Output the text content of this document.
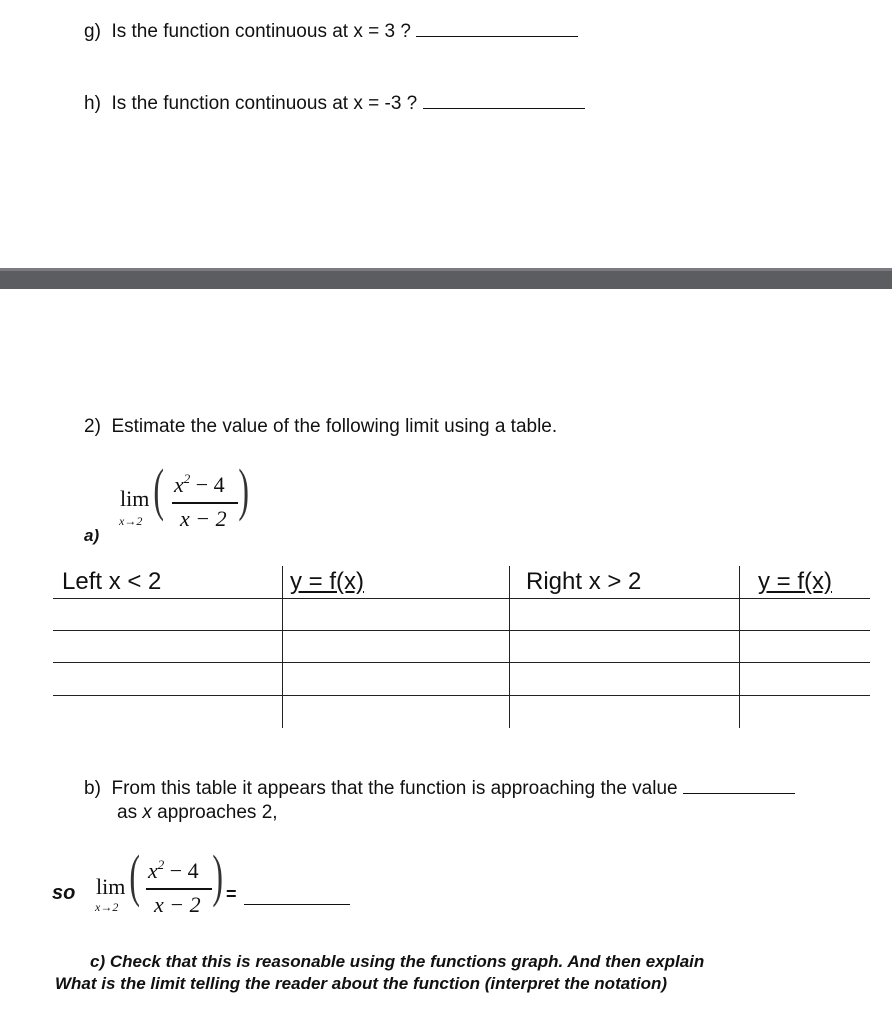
g) Is the function continuous at x = 3 ?
h) Is the function continuous at x = -3 ?
2) Estimate the value of the following limit using a table.
lim
x→2 ( $x^2 - 4$
x − 2 )
a)
Left x < 2	y = f(x)	Right x > 2	y = f(x)
b) From this table it appears that the function is approaching the value
as x approaches 2,
so lim
x→2 ( $x^2 - 4$
x − 2 ) =
c) Check that this is reasonable using the functions graph. And then explain
What is the limit telling the reader about the function (interpret the notation)
